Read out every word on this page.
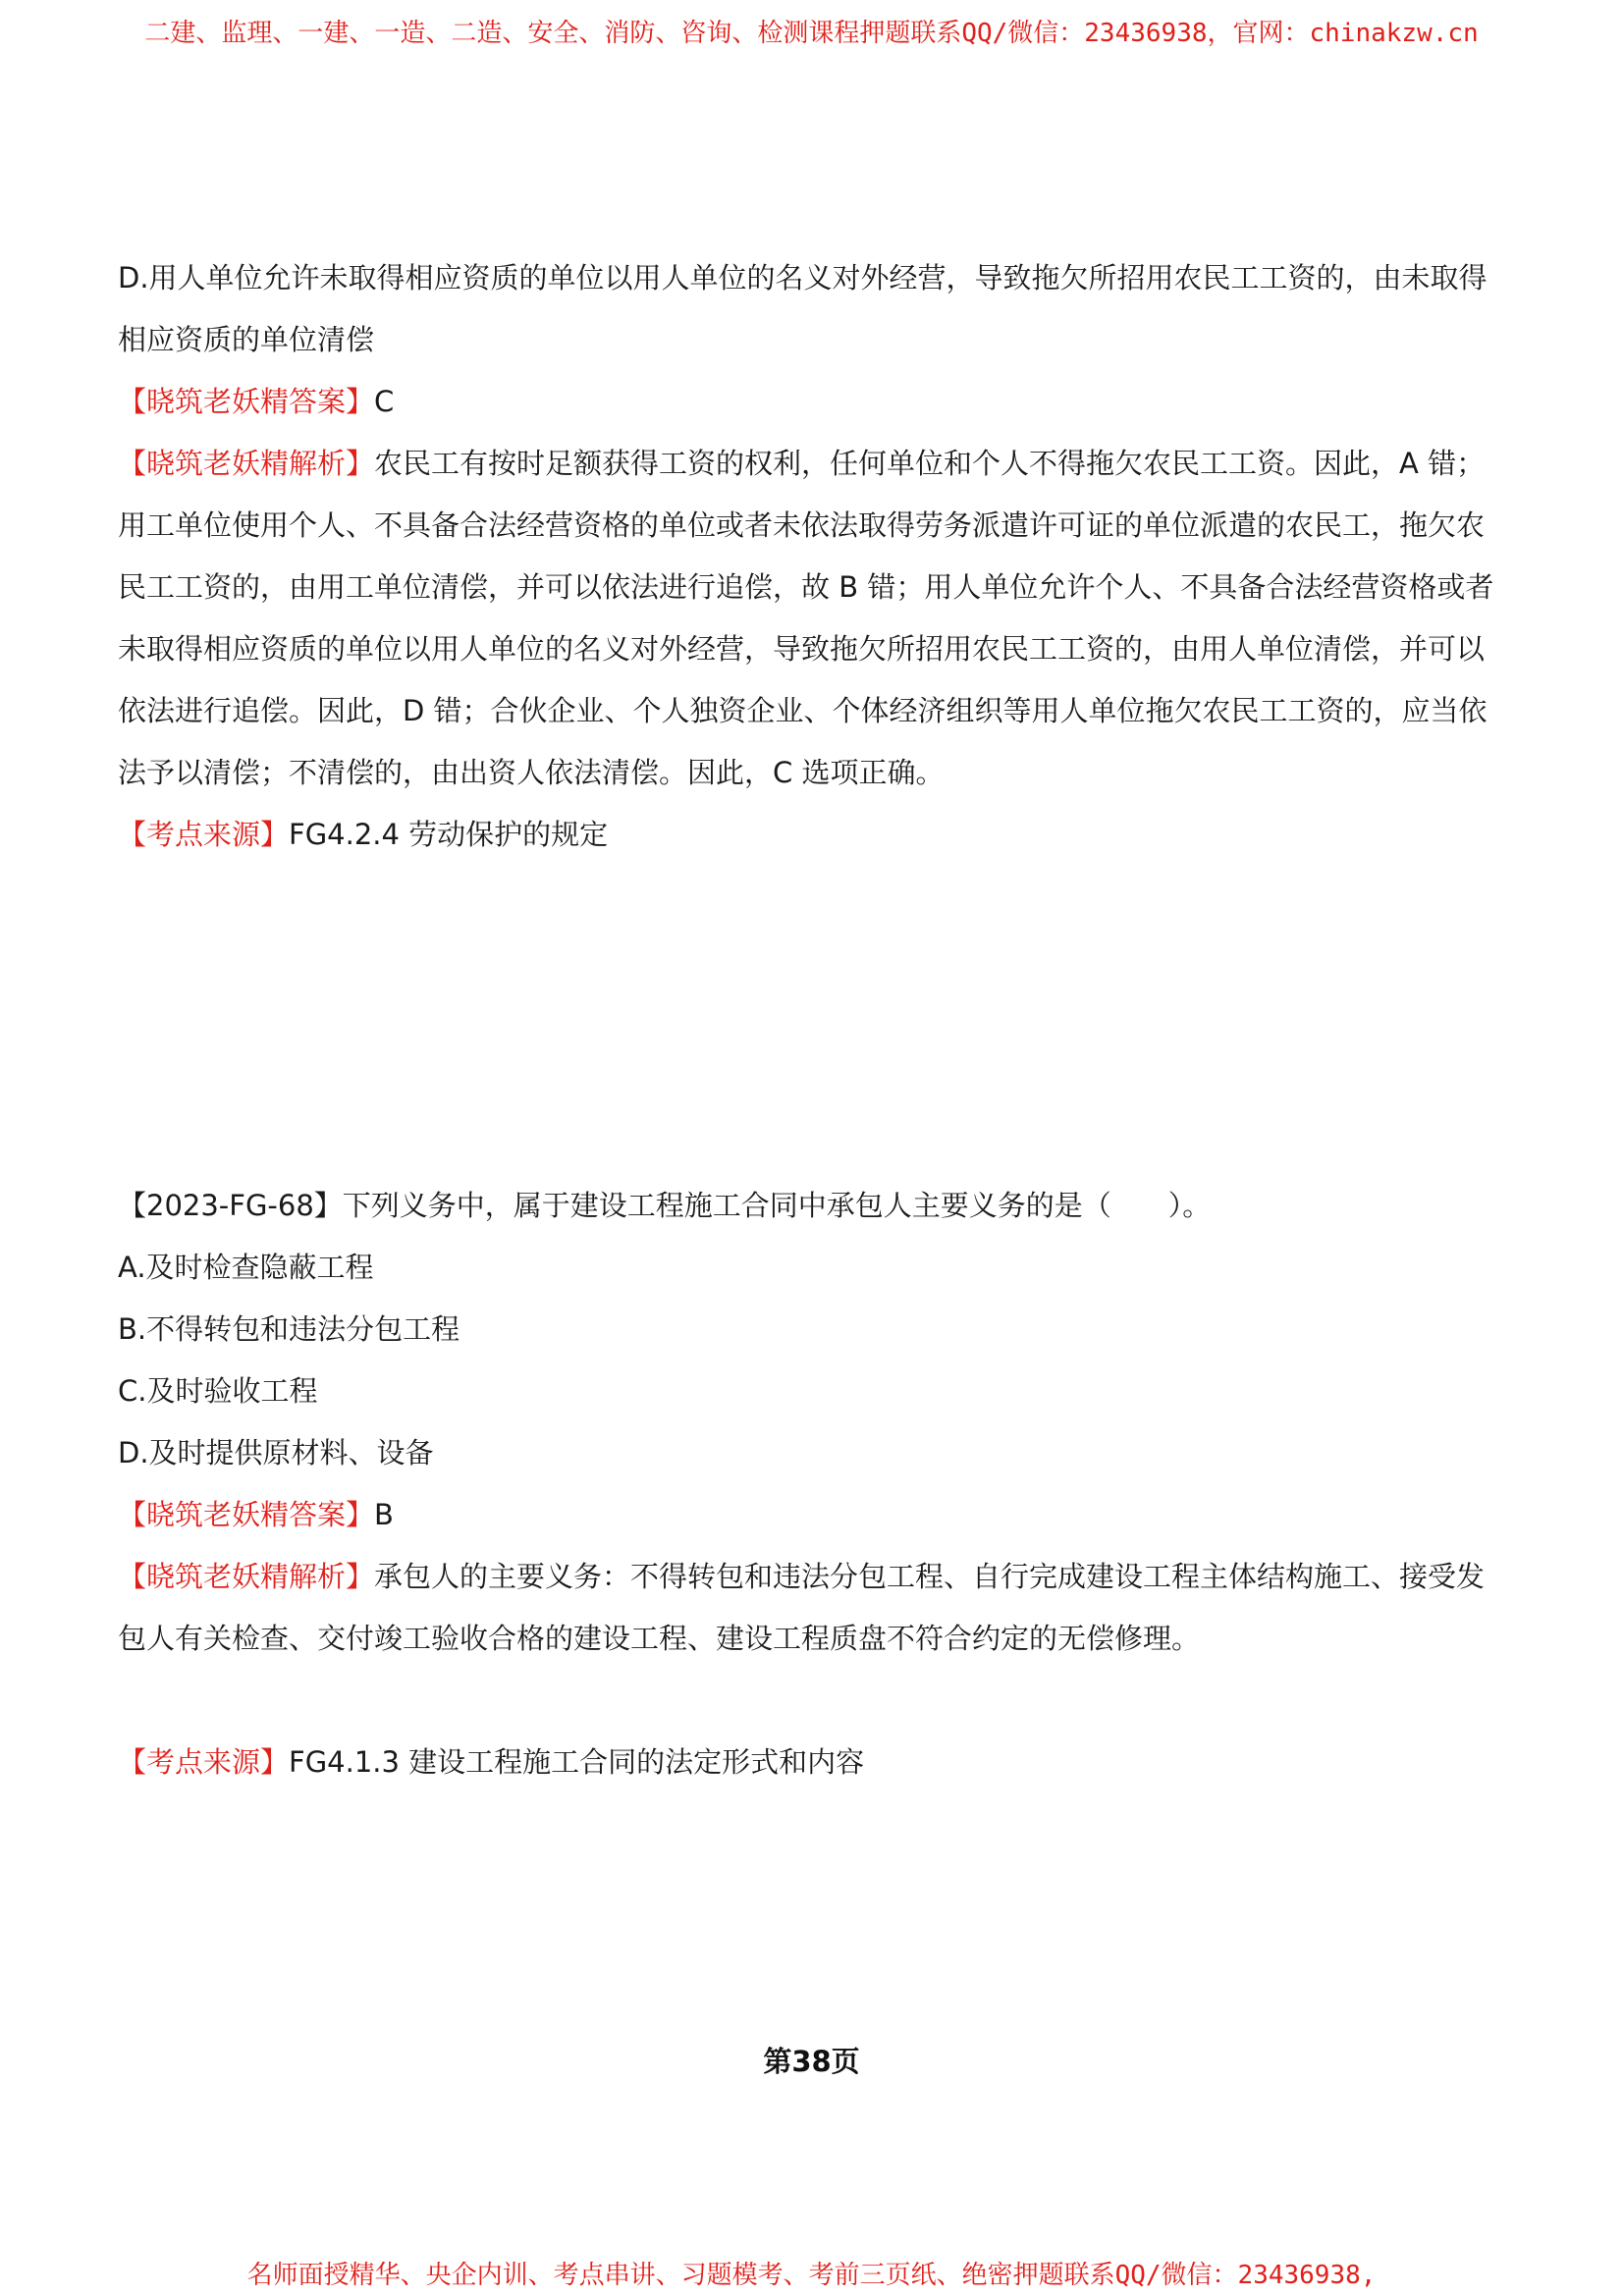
二建、监理、一建、一造、二造、安全、消防、咨询、检测课程押题联系QQ/微信：23436938，官网：chinakzw.cn

D.用人单位允许未取得相应资质的单位以用人单位的名义对外经营，导致拖欠所招用农民工工资的，由未取得相应资质的单位清偿

【晓筑老妖精答案】C

【晓筑老妖精解析】农民工有按时足额获得工资的权利，任何单位和个人不得拖欠农民工工资。因此，A 错；用工单位使用个人、不具备合法经营资格的单位或者未依法取得劳务派遣许可证的单位派遣的农民工，拖欠农民工工资的，由用工单位清偿，并可以依法进行追偿，故 B 错；用人单位允许个人、不具备合法经营资格或者未取得相应资质的单位以用人单位的名义对外经营，导致拖欠所招用农民工工资的，由用人单位清偿，并可以依法进行追偿。因此，D 错；合伙企业、个人独资企业、个体经济组织等用人单位拖欠农民工工资的，应当依法予以清偿；不清偿的，由出资人依法清偿。因此，C 选项正确。

【考点来源】FG4.2.4 劳动保护的规定

【2023-FG-68】下列义务中，属于建设工程施工合同中承包人主要义务的是（　　）。

A.及时检查隐蔽工程

B.不得转包和违法分包工程

C.及时验收工程

D.及时提供原材料、设备

【晓筑老妖精答案】B

【晓筑老妖精解析】承包人的主要义务：不得转包和违法分包工程、自行完成建设工程主体结构施工、接受发包人有关检查、交付竣工验收合格的建设工程、建设工程质盘不符合约定的无偿修理。

【考点来源】FG4.1.3 建设工程施工合同的法定形式和内容

第38页
名师面授精华、央企内训、考点串讲、习题模考、考前三页纸、绝密押题联系QQ/微信：23436938,
